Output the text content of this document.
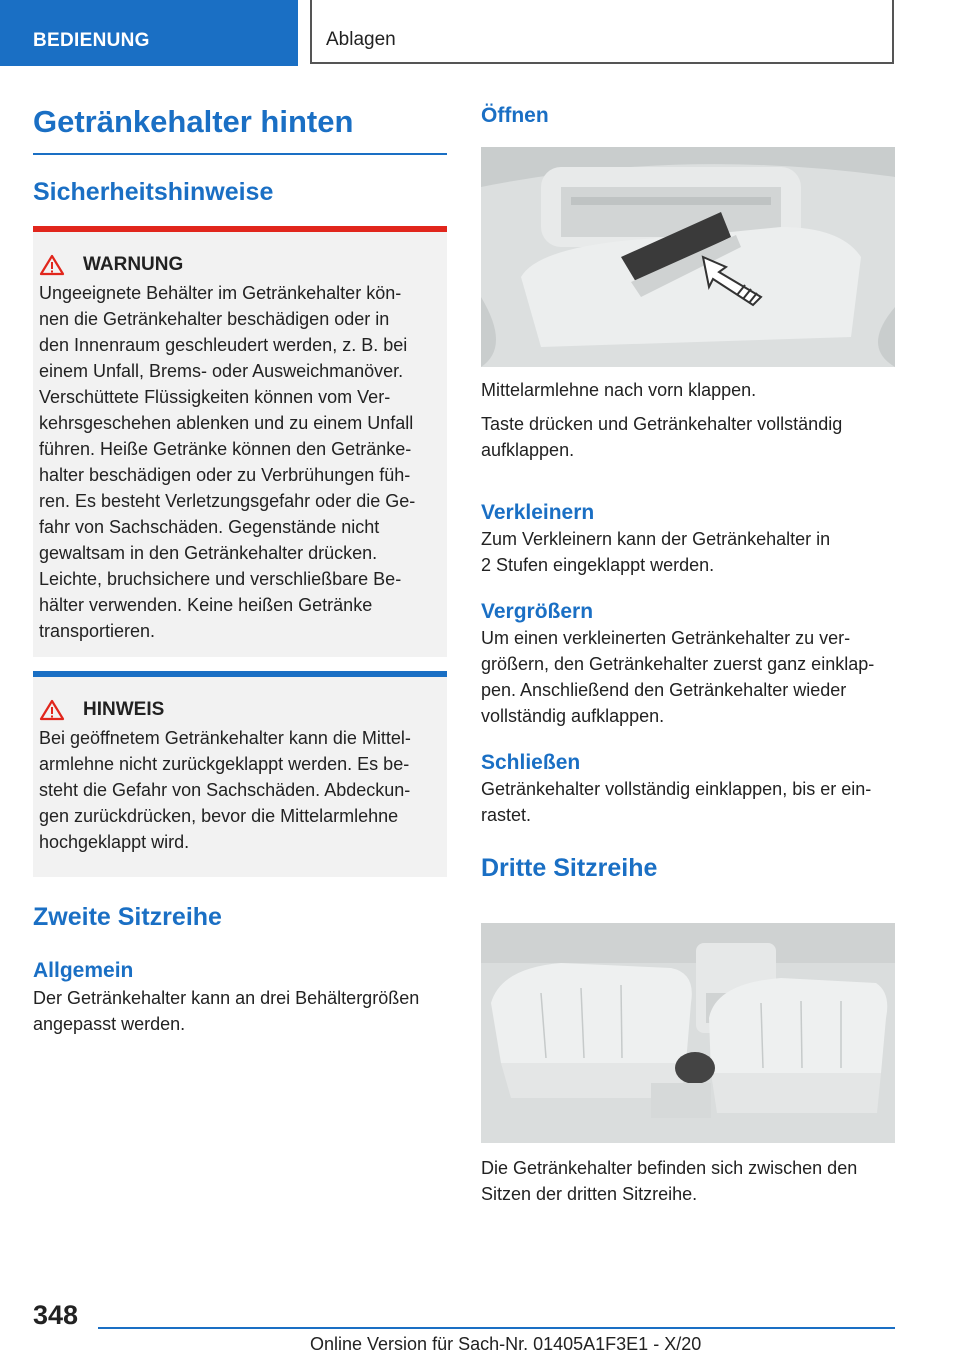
BEDIENUNG	Ablagen
Getränkehalter hinten
Sicherheitshinweise
WARNUNG

Ungeeignete Behälter im Getränkehalter kön-

nen die Getränkehalter beschädigen oder in

den Innenraum geschleudert werden, z. B. bei

einem Unfall, Brems- oder Ausweichmanöver.

Verschüttete Flüssigkeiten können vom Ver-

kehrsgeschehen ablenken und zu einem Unfall

führen. Heiße Getränke können den Getränke-

halter beschädigen oder zu Verbrühungen füh-

ren. Es besteht Verletzungsgefahr oder die Ge-

fahr von Sachschäden. Gegenstände nicht

gewaltsam in den Getränkehalter drücken.

Leichte, bruchsichere und verschließbare Be-

hälter verwenden. Keine heißen Getränke

transportieren.

HINWEIS

Bei geöffnetem Getränkehalter kann die Mittel-

armlehne nicht zurückgeklappt werden. Es be-

steht die Gefahr von Sachschäden. Abdeckun-

gen zurückdrücken, bevor die Mittelarmlehne

hochgeklappt wird.

Zweite Sitzreihe
Allgemein

Der Getränkehalter kann an drei Behältergrößen

angepasst werden.

Öffnen

Mittelarmlehne nach vorn klappen.

Taste drücken und Getränkehalter vollständig

aufklappen.

Verkleinern

Zum Verkleinern kann der Getränkehalter in

2 Stufen eingeklappt werden.

Vergrößern

Um einen verkleinerten Getränkehalter zu ver-

größern, den Getränkehalter zuerst ganz einklap-

pen. Anschließend den Getränkehalter wieder

vollständig aufklappen.

Schließen

Getränkehalter vollständig einklappen, bis er ein-

rastet.

Dritte Sitzreihe

Die Getränkehalter befinden sich zwischen den

Sitzen der dritten Sitzreihe.

348
Online Version für Sach-Nr. 01405A1F3E1 - X/20
